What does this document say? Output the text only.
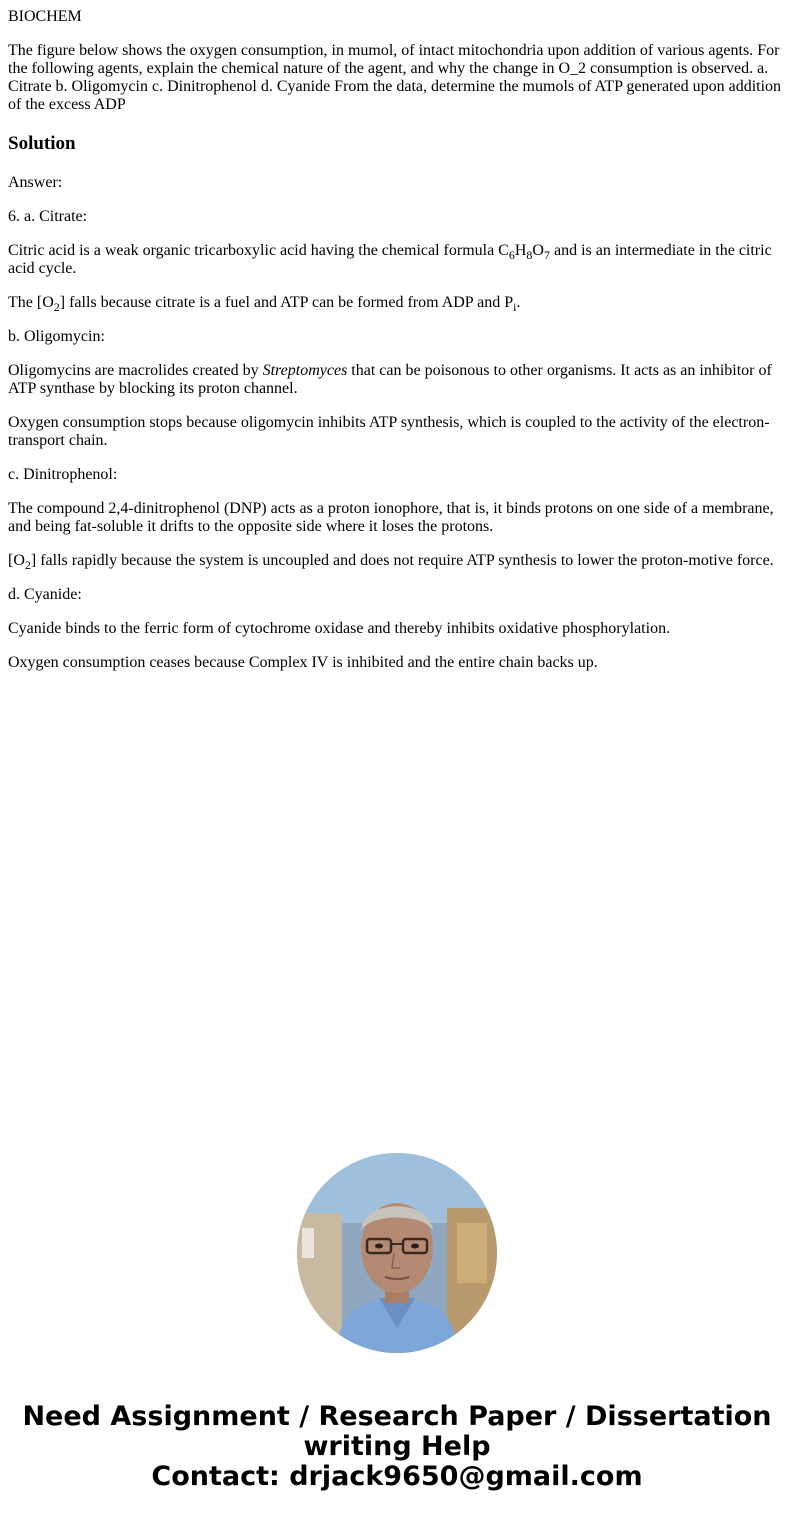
BIOCHEM

The figure below shows the oxygen consumption, in mumol, of intact mitochondria upon addition of various agents. For the following agents, explain the chemical nature of the agent, and why the change in O_2 consumption is observed. a. Citrate b. Oligomycin c. Dinitrophenol d. Cyanide From the data, determine the mumols of ATP generated upon addition of the excess ADP

Solution

Answer:

6. a. Citrate:

Citric acid is a weak organic tricarboxylic acid having the chemical formula $C_6H_8O_7$ and is an intermediate in the citric acid cycle.

The $[O_2]$ falls because citrate is a fuel and ATP can be formed from ADP and $P_i$.

b. Oligomycin:

Oligomycins are macrolides created by Streptomyces that can be poisonous to other organisms. It acts as an inhibitor of ATP synthase by blocking its proton channel.

Oxygen consumption stops because oligomycin inhibits ATP synthesis, which is coupled to the activity of the electron-transport chain.

c. Dinitrophenol:

The compound 2,4-dinitrophenol (DNP) acts as a proton ionophore, that is, it binds protons on one side of a membrane, and being fat-soluble it drifts to the opposite side where it loses the protons.

$[O_2]$ falls rapidly because the system is uncoupled and does not require ATP synthesis to lower the proton-motive force.

d. Cyanide:

Cyanide binds to the ferric form of cytochrome oxidase and thereby inhibits oxidative phosphorylation.

Oxygen consumption ceases because Complex IV is inhibited and the entire chain backs up.

Need Assignment / Research Paper / Dissertation
writing Help
Contact: drjack9650@gmail.com
